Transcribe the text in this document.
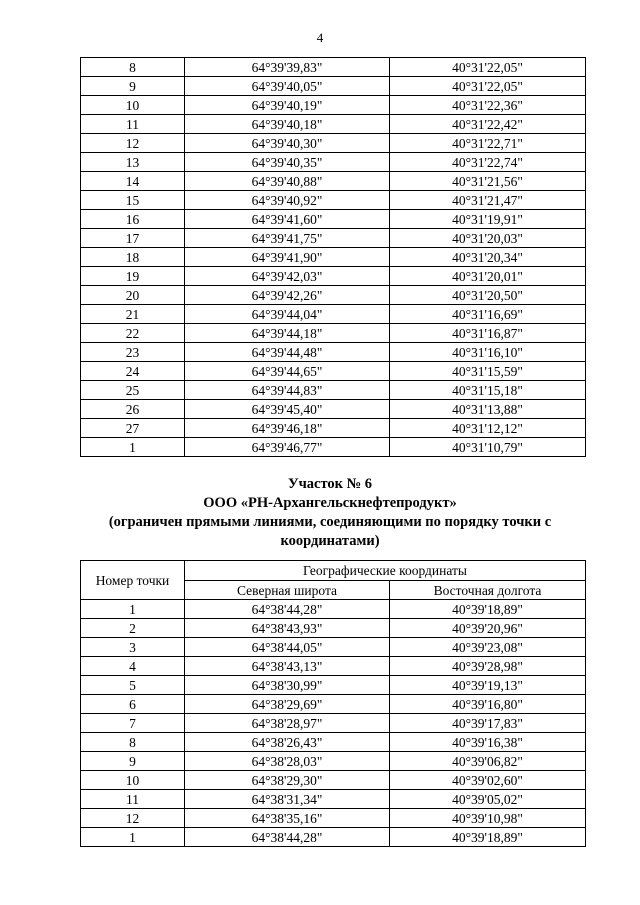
4
8	64°39'39,83"	40°31'22,05"
9	64°39'40,05"	40°31'22,05"
10	64°39'40,19"	40°31'22,36"
11	64°39'40,18"	40°31'22,42"
12	64°39'40,30"	40°31'22,71"
13	64°39'40,35"	40°31'22,74"
14	64°39'40,88"	40°31'21,56"
15	64°39'40,92"	40°31'21,47"
16	64°39'41,60"	40°31'19,91"
17	64°39'41,75"	40°31'20,03"
18	64°39'41,90"	40°31'20,34"
19	64°39'42,03"	40°31'20,01"
20	64°39'42,26"	40°31'20,50"
21	64°39'44,04"	40°31'16,69"
22	64°39'44,18"	40°31'16,87"
23	64°39'44,48"	40°31'16,10"
24	64°39'44,65"	40°31'15,59"
25	64°39'44,83"	40°31'15,18"
26	64°39'45,40"	40°31'13,88"
27	64°39'46,18"	40°31'12,12"
1	64°39'46,77"	40°31'10,79"
Участок № 6
ООО «РН-Архангельскнефтепродукт»
(ограничен прямыми линиями, соединяющими по порядку точки с
координатами)
Номер точки	Географические координаты	
	Северная широта	Восточная долгота
1	64°38'44,28"	40°39'18,89"
2	64°38'43,93"	40°39'20,96"
3	64°38'44,05"	40°39'23,08"
4	64°38'43,13"	40°39'28,98"
5	64°38'30,99"	40°39'19,13"
6	64°38'29,69"	40°39'16,80"
7	64°38'28,97"	40°39'17,83"
8	64°38'26,43"	40°39'16,38"
9	64°38'28,03"	40°39'06,82"
10	64°38'29,30"	40°39'02,60"
11	64°38'31,34"	40°39'05,02"
12	64°38'35,16"	40°39'10,98"
1	64°38'44,28"	40°39'18,89"
